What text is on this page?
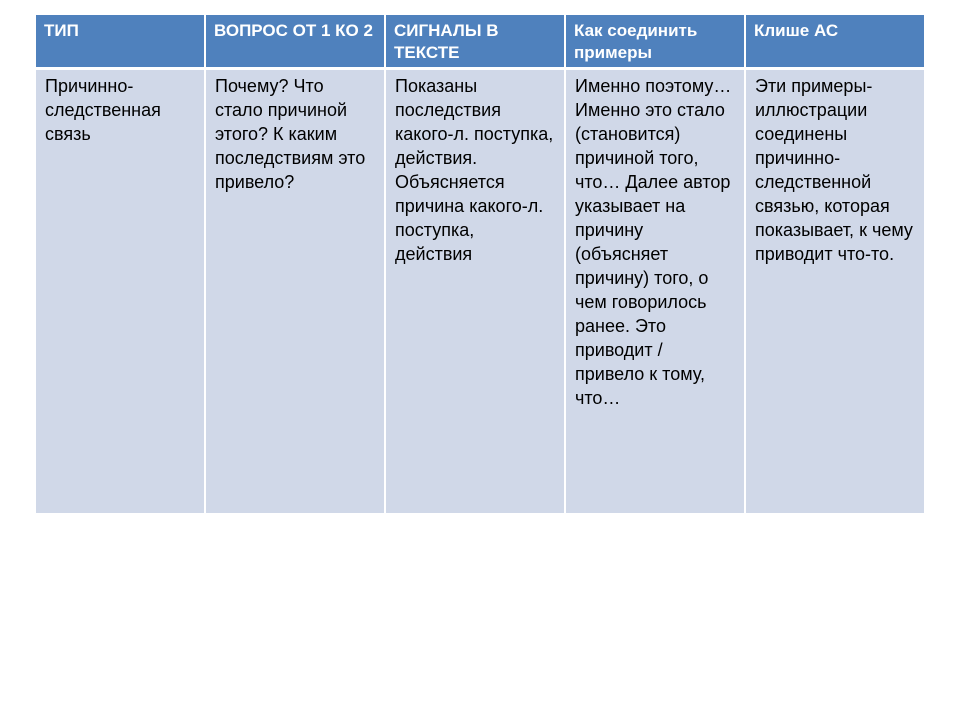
ТИП	ВОПРОС ОТ 1 КО 2	СИГНАЛЫ В ТЕКСТЕ	Как соединить примеры	Клише АС

Причинно-следственная связь	Почему? Что стало причиной этого? К каким последствиям это привело?	Показаны последствия какого-л. поступка, действия. Объясняется причина какого-л. поступка, действия	Именно поэтому… Именно это стало (становится) причиной того, что… Далее автор указывает на причину (объясняет причину) того, о чем говорилось ранее. Это приводит / привело к тому, что…	Эти примеры-иллюстрации соединены причинно-следственной связью, которая показывает, к чему приводит что-то.
